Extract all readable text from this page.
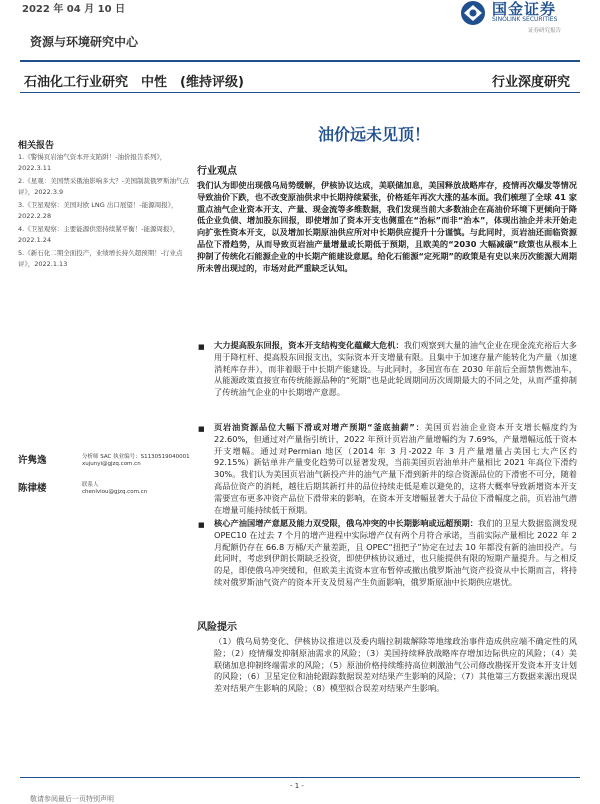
2022 年 04 月 10 日	国金证券
SINOLINK SECURITIES
证券研究报告
资源与环境研究中心
石油化工行业研究　中性　(维持评级)	行业深度研究
油价远未见顶！
相关报告
1.《警惕页岩油气资本开支陷阱！-油价报告系列》，2022.3.11
2.《星观：美国禁采俄油影响多大？-美国制裁俄罗斯油气点评》，2022.3.9
3.《卫星观察：美国对欧 LNG 出口展望！-能源周报》，2022.2.28
4.《卫星观察：主要能源供需持续紧平衡！-能源周报》，2022.1.24
5.《新石化二期全面投产，业绩增长持久超预期！-行业点评》，2022.1.13
许隽逸	分析师 SAC 执业编号：S1130519040001
xujunyi@gjzq.com.cn
陈律楼	联系人
chenlvlou@gjzq.com.cn
行业观点
我们认为即使出现俄乌局势缓解，伊核协议达成，美联储加息，美国释放战略库存，疫情再次爆发等情况导致油价下跌，也不改变原油供求中长期持续紧张，价格延年再次大涨的基本面。我们梳理了全球 41 家重点油气企业资本开支、产量、现金流等多维数据，我们发现当前大多数油企在高油价环境下更倾向于降低企业负债、增加股东回报，即使增加了资本开支也侧重在“治标”而非“治本”，体现出油企并未开始走向扩张性资本开支，以及增加长期原油供应所对中长期供应提升十分谨慎。与此同时，页岩油还面临资源品位下滑趋势，从而导致页岩油产量增量或长期低于预期，且欧美的“2030 大幅减碳”政策也从根本上抑制了传统化石能源企业的中长期产能建设意愿。给化石能源“定死期”的政策是有史以来历次能源大周期所未曾出现过的，市场对此严重缺乏认知。
■ 大力提高股东回报，资本开支结构变化蕴藏大危机：我们观察到大量的油气企业在现金流充裕后大多用于降杠杆、提高股东回报支出，实际资本开支增量有限。且集中于加速存量产能转化为产量（加速消耗库存井），而非着眼于中长期产能建设。与此同时，多国宣布在 2030 年前后全面禁售燃油车，从能源政策直接宣布传统能源品种的“死期”也是此轮周期同历次周期最大的不同之处，从而严重抑制了传统油气企业的中长期增产意愿。
■ 页岩油资源品位大幅下滑或对增产预期“釜底抽薪”：美国页岩油企业资本开支增长幅度约为 22.60%，但通过对产量指引统计，2022 年预计页岩油产量增幅约为 7.69%，产量增幅远低于资本开支增幅。通过对Permian 地区（2014 年 3 月-2022 年 3 月产量增量占美国七大产区约 92.15%）新钻单井产量变化趋势可以显著发现，当前美国页岩油单井产量相比 2021 年高位下滑约 30%。我们认为美国页岩油气新投产井的油气产量下滑到新井的综合资源品位的下滑密不可分，随着高品位资产的消耗，越往后期其新打井的品位持续走低是难以避免的，这将大概率导致新增资本开支需要宣布更多冲资产品位下滑带来的影响，在资本开支增幅显著大于品位下滑幅度之前，页岩油气潜在增量可能持续低于预期。
■ 核心产油国增产意愿及能力双受限，俄乌冲突的中长期影响或远超预期：我们的卫星大数据监测发现 OPEC10 在过去 7 个月的增产进程中实际增产仅有两个月符合承诺，当前实际产量相比 2022 年 2 月配额仍存在 66.8 万桶/天产量差距，且 OPEC“扭把子”协定在过去 10 年都没有新的油田投产。与此同时，考虑到伊朗长期缺乏投资，即使伊核协议通过，也只能提供有限的短期产量提升。与之相反的是，即使俄乌冲突缓和，但欧美主流资本宣布暂停或撤出俄罗斯油气资产投资从中长期而言，将持续对俄罗斯油气资产的资本开支及贸易产生负面影响，俄罗斯原油中长期供应堪忧。
风险提示
（1）俄乌局势变化、伊核协议推进以及委内瑞拉制裁解除等地缘政治事件造成供应端不确定性的风险；（2）疫情爆发抑制原油需求的风险；（3）美国持续释放战略库存增加边际供应的风险；（4）美联储加息抑制终端需求的风险；（5）原油价格持续维持高位刺激油气公司修改勘探开发资本开支计划的风险；（6）卫星定位和油轮跟踪数据误差对结果产生影响的风险；（7）其他第三方数据来源出现误差对结果产生影响的风险；（8）模型拟合误差对结果产生影响。
- 1 -
敬请参阅最后一页特别声明
